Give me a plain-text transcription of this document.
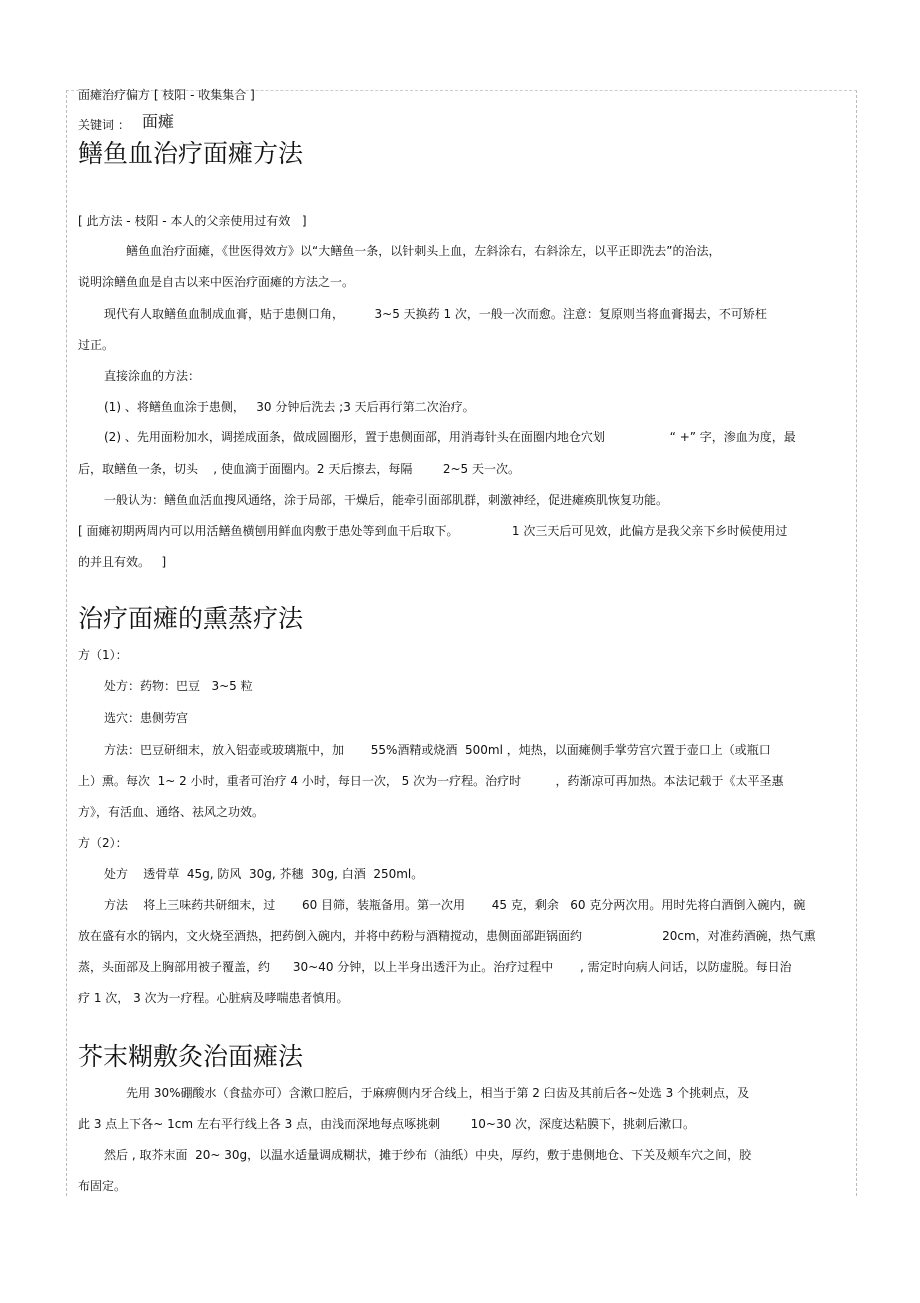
面瘫治疗偏方 [ 枝阳 - 收集集合 ]
关键词 ： 面瘫
鳝鱼血治疗面瘫方法
[ 此方法 - 枝阳 - 本人的父亲使用过有效   ]
鳝鱼血治疗面瘫，《世医得效方》以“大鳝鱼一条，以针刺头上血，左斜涂右，右斜涂左，以平正即洗去”的治法，
说明涂鳝鱼血是自古以来中医治疗面瘫的方法之一。
现代有人取鳝鱼血制成血膏，贴于患侧口角，        3~5 天换药 1 次，一般一次而愈。注意：复原则当将血膏揭去，不可矫枉
过正。
直接涂血的方法：
(1) 、将鳝鱼血涂于患侧，   30 分钟后洗去 ;3 天后再行第二次治疗。
(2) 、先用面粉加水，调搓成面条，做成圆圈形，置于患侧面部，用消毒针头在面圈内地仓穴划                 “ +” 字，渗血为度，最
后，取鳝鱼一条，切头    , 使血滴于面圈内。2 天后擦去，每隔        2~5 天一次。
一般认为：鳝鱼血活血搜风通络，涂于局部，干燥后，能牵引面部肌群，刺激神经，促进瘫痪肌恢复功能。
[ 面瘫初期两周内可以用活鳝鱼横刨用鲜血肉敷于患处等到血干后取下。              1 次三天后可见效，此偏方是我父亲下乡时候使用过
的并且有效。   ]
治疗面瘫的熏蒸疗法
方（1）：
处方：药物：巴豆   3~5 粒
选穴：患侧劳宫
方法：巴豆研细末，放入铝壶或玻璃瓶中，加       55%酒精或烧酒  500ml ，炖热，以面瘫侧手掌劳宫穴置于壶口上（或瓶口
上）熏。每次  1~ 2 小时，重者可治疗 4 小时，每日一次， 5 次为一疗程。治疗时         ，药渐凉可再加热。本法记载于《太平圣惠
方》，有活血、通络、祛风之功效。
方（2）：
处方    透骨草  45g, 防风  30g, 芥穗  30g, 白酒  250ml。
方法    将上三味药共研细末，过       60 目筛，装瓶备用。第一次用       45 克，剩余   60 克分两次用。用时先将白酒倒入碗内，碗
放在盛有水的锅内，文火烧至酒热，把药倒入碗内，并将中药粉与酒精搅动，患侧面部距锅面约                     20cm，对准药酒碗，热气熏
蒸，头面部及上胸部用被子覆盖，约      30~40 分钟，以上半身出透汗为止。治疗过程中       , 需定时向病人问话，以防虚脱。每日治
疗 1 次， 3 次为一疗程。心脏病及哮喘患者慎用。
芥末糊敷灸治面瘫法
先用 30%硼酸水（食盐亦可）含漱口腔后，于麻痹侧内牙合线上，相当于第 2 臼齿及其前后各~处选 3 个挑刺点，及
此 3 点上下各~ 1cm 左右平行线上各 3 点，由浅而深地每点啄挑刺        10~30 次，深度达粘膜下，挑刺后漱口。
然后 , 取芥末面  20~ 30g，以温水适量调成糊状，摊于纱布（油纸）中央，厚约，敷于患侧地仓、下关及颊车穴之间，胶
布固定。
